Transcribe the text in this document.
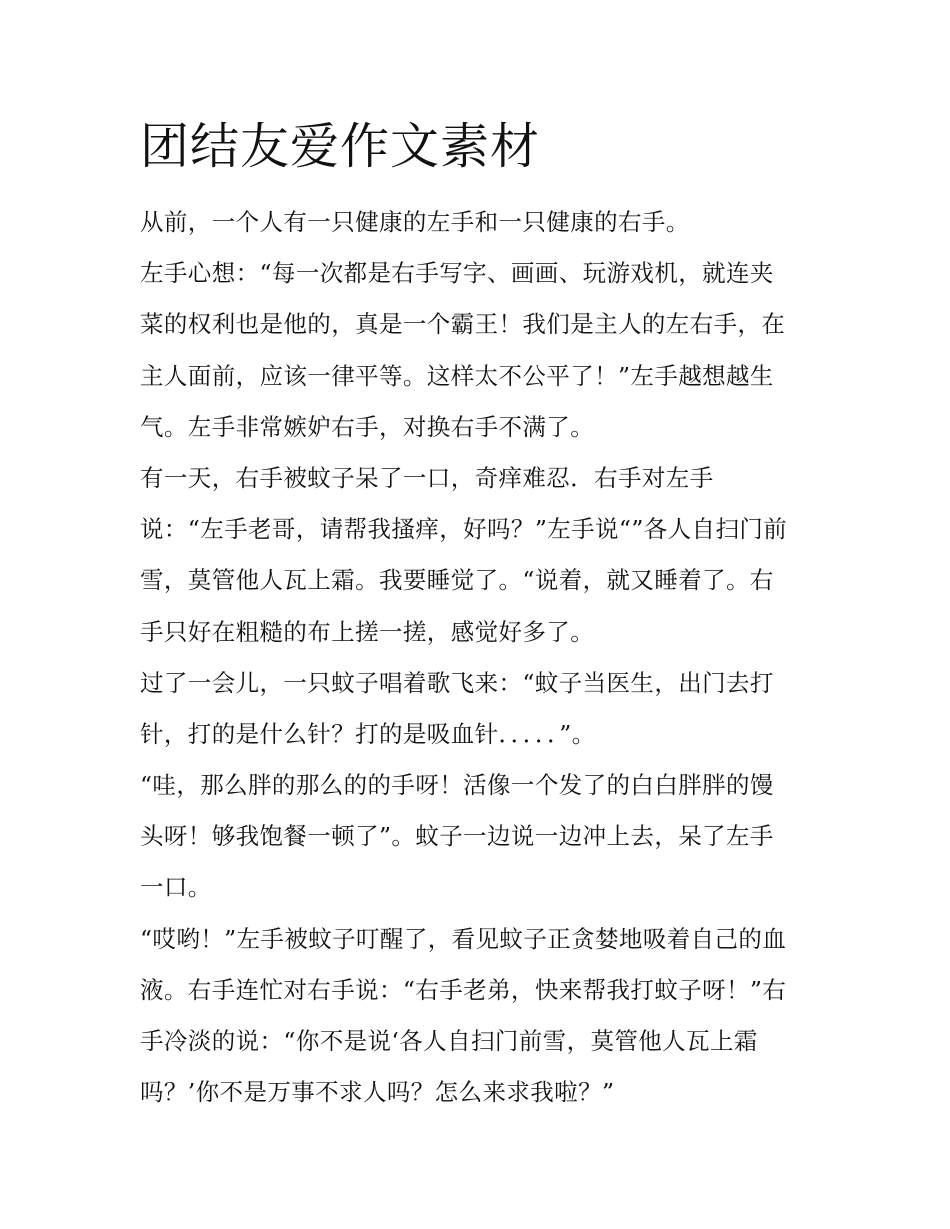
团结友爱作文素材
从前，一个人有一只健康的左手和一只健康的右手。
左手心想：“每一次都是右手写字、画画、玩游戏机，就连夹
菜的权利也是他的，真是一个霸王！我们是主人的左右手，在
主人面前，应该一律平等。这样太不公平了！”左手越想越生
气。左手非常嫉妒右手，对换右手不满了。
有一天，右手被蚊子呆了一口，奇痒难忍．右手对左手
说：“左手老哥，请帮我搔痒，好吗？”左手说“”各人自扫门前
雪，莫管他人瓦上霜。我要睡觉了。“说着，就又睡着了。右
手只好在粗糙的布上搓一搓，感觉好多了。
过了一会儿，一只蚊子唱着歌飞来：“蚊子当医生，出门去打
针，打的是什么针？打的是吸血针．．．．．”。
“哇，那么胖的那么的的手呀！活像一个发了的白白胖胖的馒
头呀！够我饱餐一顿了”。蚊子一边说一边冲上去，呆了左手
一口。
“哎哟！”左手被蚊子叮醒了，看见蚊子正贪婪地吸着自己的血
液。右手连忙对右手说：“右手老弟，快来帮我打蚊子呀！”右
手冷淡的说：“你不是说‘各人自扫门前雪，莫管他人瓦上霜
吗？’你不是万事不求人吗？怎么来求我啦？”
